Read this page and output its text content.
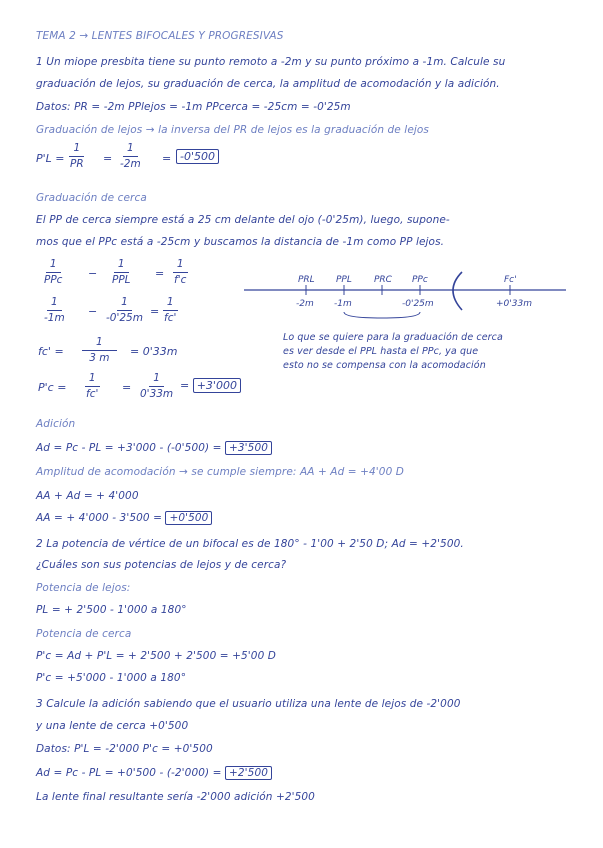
TEMA 2 → LENTES BIFOCALES Y PROGRESIVAS
1 Un miope presbita tiene su punto remoto a -2m y su punto próximo a -1m. Calcule su
graduación de lejos, su graduación de cerca, la amplitud de acomodación y la adición.
Datos: PR = -2m PPlejos = -1m PPcerca = -25cm = -0'25m
Graduación de lejos → la inversa del PR de lejos es la graduación de lejos
$P'L = \frac{1}{PR} = \frac{1}{-2m} = -0'500$
Graduación de cerca
El PP de cerca siempre está a 25 cm delante del ojo (-0'25m), luego, supone-
mos que el PPc está a -25cm y buscamos la distancia de -1m como PP lejos.
1
PPc	−
1
PPL	= $\frac{1}{f'c}$
$\frac{1}{-1m} - \frac{1}{-0'25m} = \frac{1}{fc'}$
$fc' = \frac{1}{3 m} = 0'33m$
$P'c = \frac{1}{fc'} = \frac{1}{0'33m} = +3'000$
PRL PPL PRC PPc	Fc'
-2m -1m	-0'25m	+0'33m
Lo que se quiere para la graduación de cerca
es ver desde el PPL hasta el PPc, ya que
esto no se compensa con la acomodación
Adición
Ad = Pc - PL = +3'000 - (-0'500) = +3'500
Amplitud de acomodación → se cumple siempre: AA + Ad = +4'00 D
AA + Ad = + 4'000
AA = + 4'000 - 3'500 = +0'500
2 La potencia de vértice de un bifocal es de 180° - 1'00 + 2'50 D; Ad = +2'500.
¿Cuáles son sus potencias de lejos y de cerca?
Potencia de lejos:
PL = + 2'500 - 1'000 a 180°
Potencia de cerca
P'c = Ad + P'L = + 2'500 + 2'500 = +5'00 D
P'c = +5'000 - 1'000 a 180°
3 Calcule la adición sabiendo que el usuario utiliza una lente de lejos de -2'000
y una lente de cerca +0'500
Datos: P'L = -2'000 P'c = +0'500
Ad = Pc - PL = +0'500 - (-2'000) = +2'500
La lente final resultante sería -2'000 adición +2'500
